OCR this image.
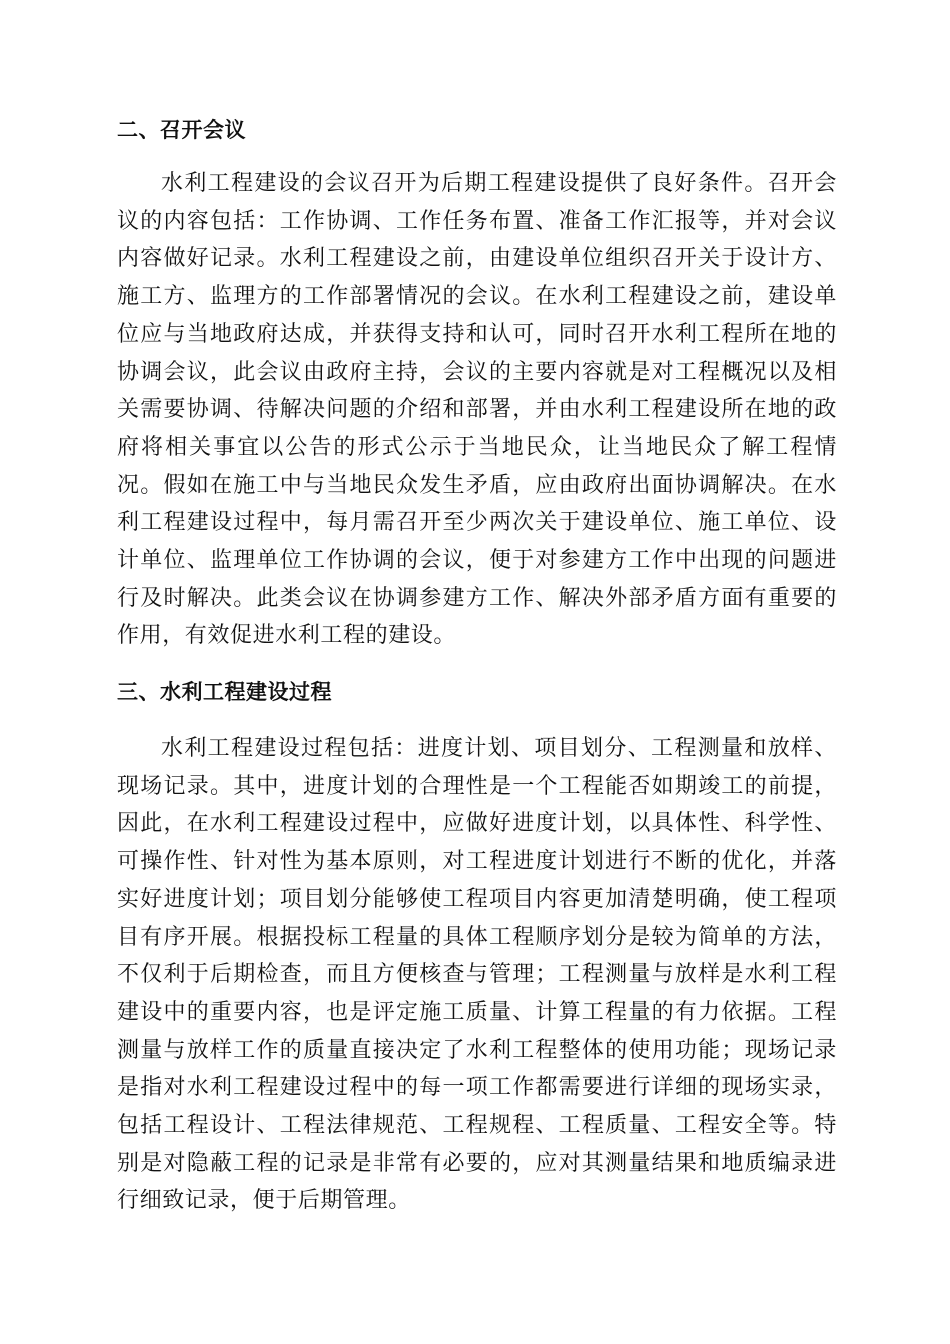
二、召开会议

水利工程建设的会议召开为后期工程建设提供了良好条件。召开会议的内容包括：工作协调、工作任务布置、准备工作汇报等，并对会议内容做好记录。水利工程建设之前，由建设单位组织召开关于设计方、施工方、监理方的工作部署情况的会议。在水利工程建设之前，建设单位应与当地政府达成，并获得支持和认可，同时召开水利工程所在地的协调会议，此会议由政府主持，会议的主要内容就是对工程概况以及相关需要协调、待解决问题的介绍和部署，并由水利工程建设所在地的政府将相关事宜以公告的形式公示于当地民众，让当地民众了解工程情况。假如在施工中与当地民众发生矛盾，应由政府出面协调解决。在水利工程建设过程中，每月需召开至少两次关于建设单位、施工单位、设计单位、监理单位工作协调的会议，便于对参建方工作中出现的问题进行及时解决。此类会议在协调参建方工作、解决外部矛盾方面有重要的作用，有效促进水利工程的建设。

三、水利工程建设过程

水利工程建设过程包括：进度计划、项目划分、工程测量和放样、现场记录。其中，进度计划的合理性是一个工程能否如期竣工的前提，因此，在水利工程建设过程中，应做好进度计划，以具体性、科学性、可操作性、针对性为基本原则，对工程进度计划进行不断的优化，并落实好进度计划；项目划分能够使工程项目内容更加清楚明确，使工程项目有序开展。根据投标工程量的具体工程顺序划分是较为简单的方法，不仅利于后期检查，而且方便核查与管理；工程测量与放样是水利工程建设中的重要内容，也是评定施工质量、计算工程量的有力依据。工程测量与放样工作的质量直接决定了水利工程整体的使用功能；现场记录是指对水利工程建设过程中的每一项工作都需要进行详细的现场实录，包括工程设计、工程法律规范、工程规程、工程质量、工程安全等。特别是对隐蔽工程的记录是非常有必要的，应对其测量结果和地质编录进行细致记录，便于后期管理。
